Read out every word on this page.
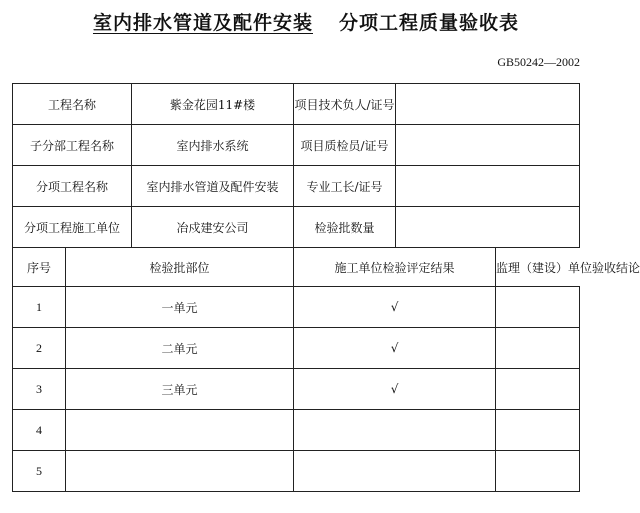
室内排水管道及配件安装 分项工程质量验收表
GB50242—2002
工程名称		紫金花园11#楼	项目技术负人/证号		
子分部工程名称		室内排水系统	项目质检员/证号		
分项工程名称		室内排水管道及配件安装	专业工长/证号		
分项工程施工单位		冶戍建安公司	检验批数量		
序号	检验批部位		施工单位检验评定结果		监理（建设）单位验收结论
1	一单元		√		
2	二单元		√		
3	三单元		√		
4					
5					
